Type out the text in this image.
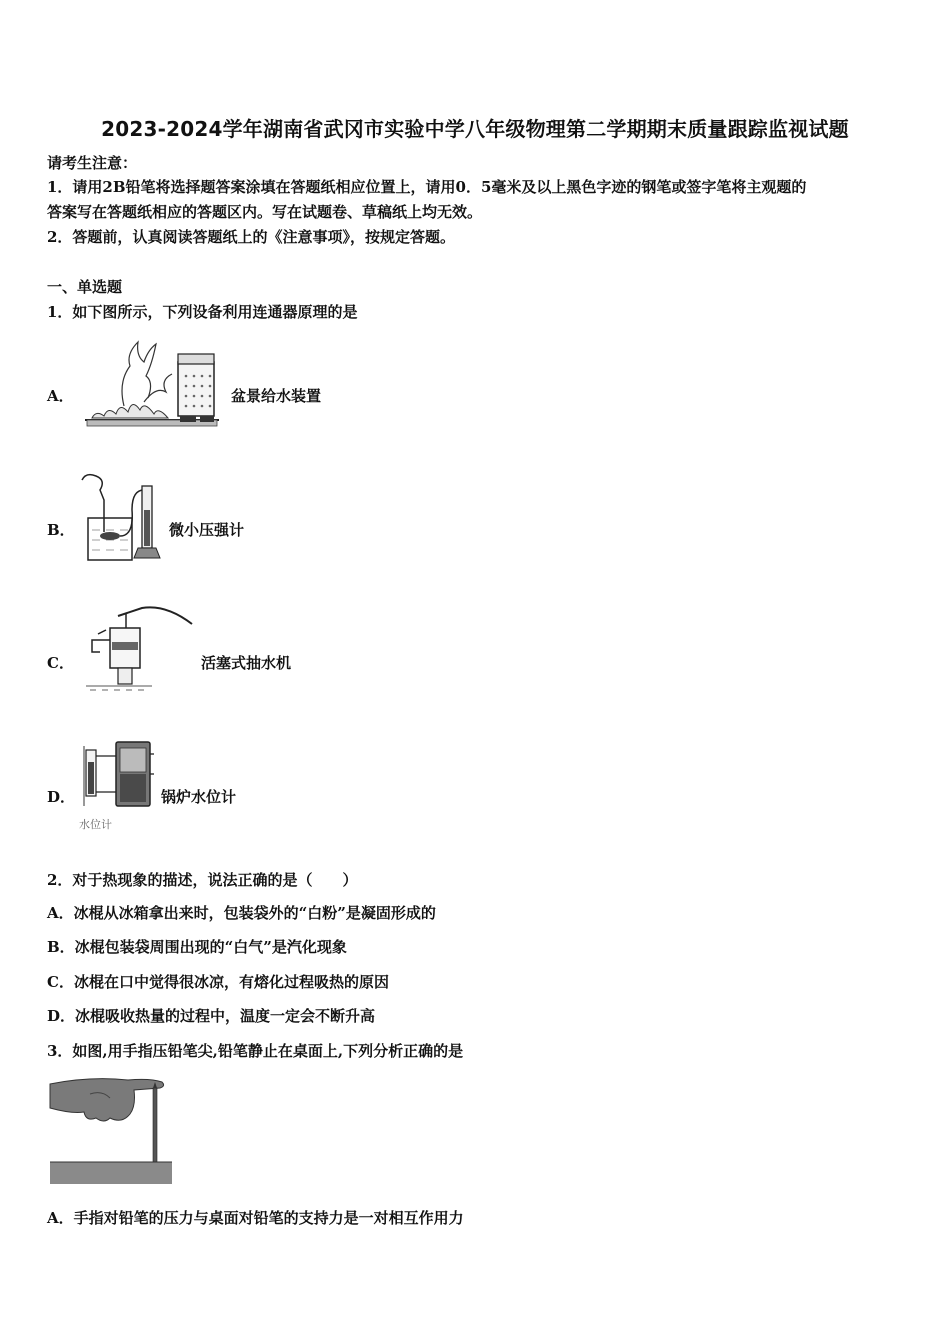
2023-2024学年湖南省武冈市实验中学八年级物理第二学期期末质量跟踪监视试题
请考生注意：
1．请用2B铅笔将选择题答案涂填在答题纸相应位置上，请用0．5毫米及以上黑色字迹的钢笔或签字笔将主观题的
答案写在答题纸相应的答题区内。写在试题卷、草稿纸上均无效。
2．答题前，认真阅读答题纸上的《注意事项》，按规定答题。
一、单选题
1．如下图所示，下列设备利用连通器原理的是
A．	盆景给水装置
B．	微小压强计
C．	活塞式抽水机
D．
水位计
锅炉水位计
2．对于热现象的描述，说法正确的是（　　）
A．冰棍从冰箱拿出来时，包装袋外的“白粉”是凝固形成的
B．冰棍包装袋周围出现的“白气”是汽化现象
C．冰棍在口中觉得很冰凉，有熔化过程吸热的原因
D．冰棍吸收热量的过程中，温度一定会不断升高
3．如图,用手指压铅笔尖,铅笔静止在桌面上,下列分析正确的是
A．手指对铅笔的压力与桌面对铅笔的支持力是一对相互作用力
